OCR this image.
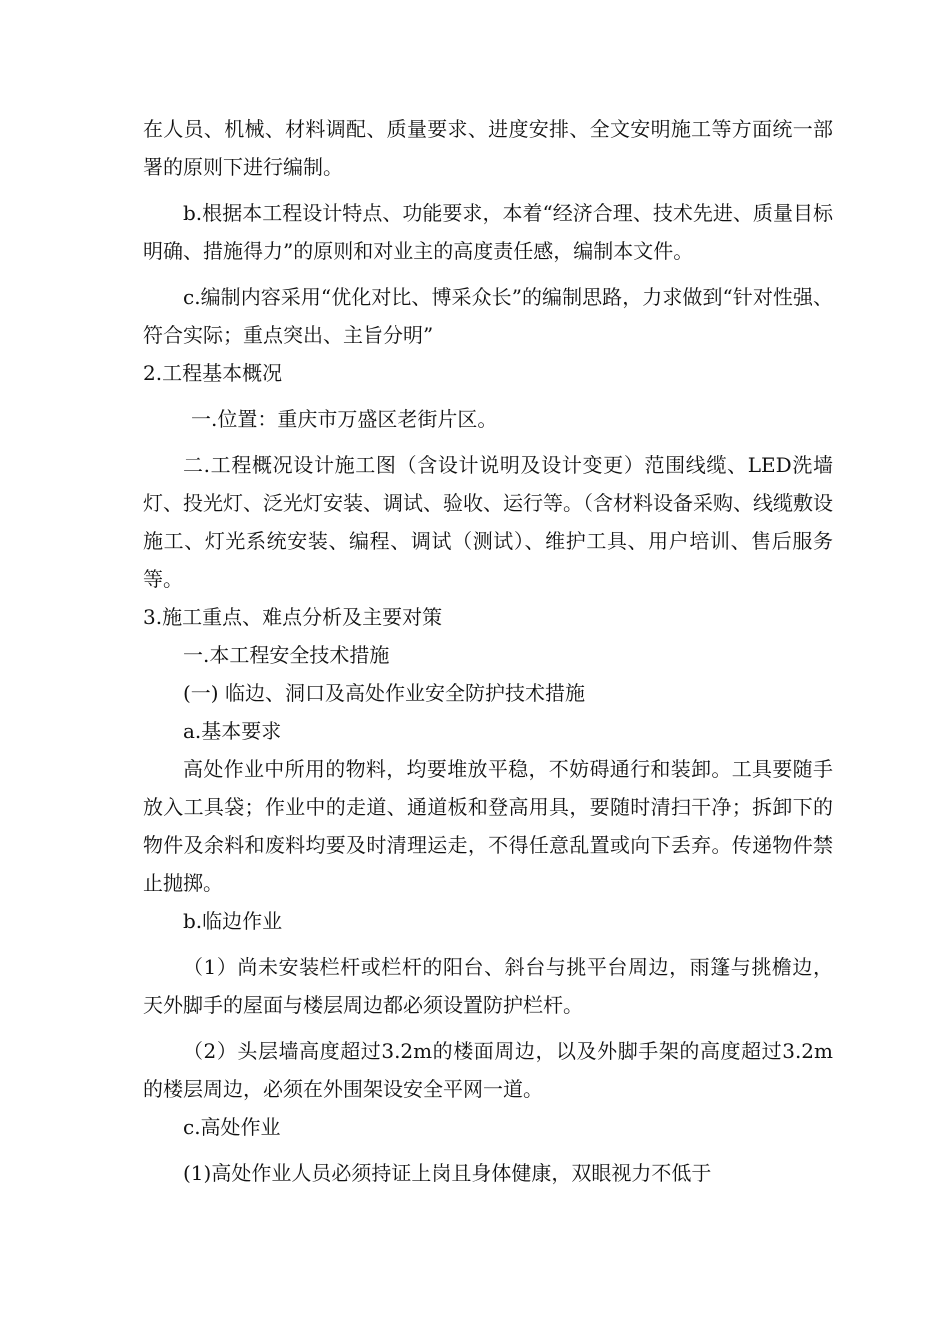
在人员、机械、材料调配、质量要求、进度安排、全文安明施工等方面统一部署的原则下进行编制。

b.根据本工程设计特点、功能要求，本着“经济合理、技术先进、质量目标明确、措施得力”的原则和对业主的高度责任感，编制本文件。

c.编制内容采用“优化对比、博采众长”的编制思路，力求做到“针对性强、符合实际；重点突出、主旨分明”

2.工程基本概况

一.位置：重庆市万盛区老街片区。

二.工程概况设计施工图（含设计说明及设计变更）范围线缆、LED洗墙灯、投光灯、泛光灯安装、调试、验收、运行等。（含材料设备采购、线缆敷设施工、灯光系统安装、编程、调试（测试）、维护工具、用户培训、售后服务等。

3.施工重点、难点分析及主要对策

一.本工程安全技术措施

(一) 临边、洞口及高处作业安全防护技术措施

a.基本要求

高处作业中所用的物料，均要堆放平稳，不妨碍通行和装卸。工具要随手放入工具袋；作业中的走道、通道板和登高用具，要随时清扫干净；拆卸下的物件及余料和废料均要及时清理运走，不得任意乱置或向下丢弃。传递物件禁止抛掷。

b.临边作业

（1）尚未安装栏杆或栏杆的阳台、斜台与挑平台周边，雨篷与挑檐边，天外脚手的屋面与楼层周边都必须设置防护栏杆。

（2）头层墙高度超过3.2m的楼面周边，以及外脚手架的高度超过3.2m的楼层周边，必须在外围架设安全平网一道。

c.高处作业

(1)高处作业人员必须持证上岗且身体健康，双眼视力不低于
